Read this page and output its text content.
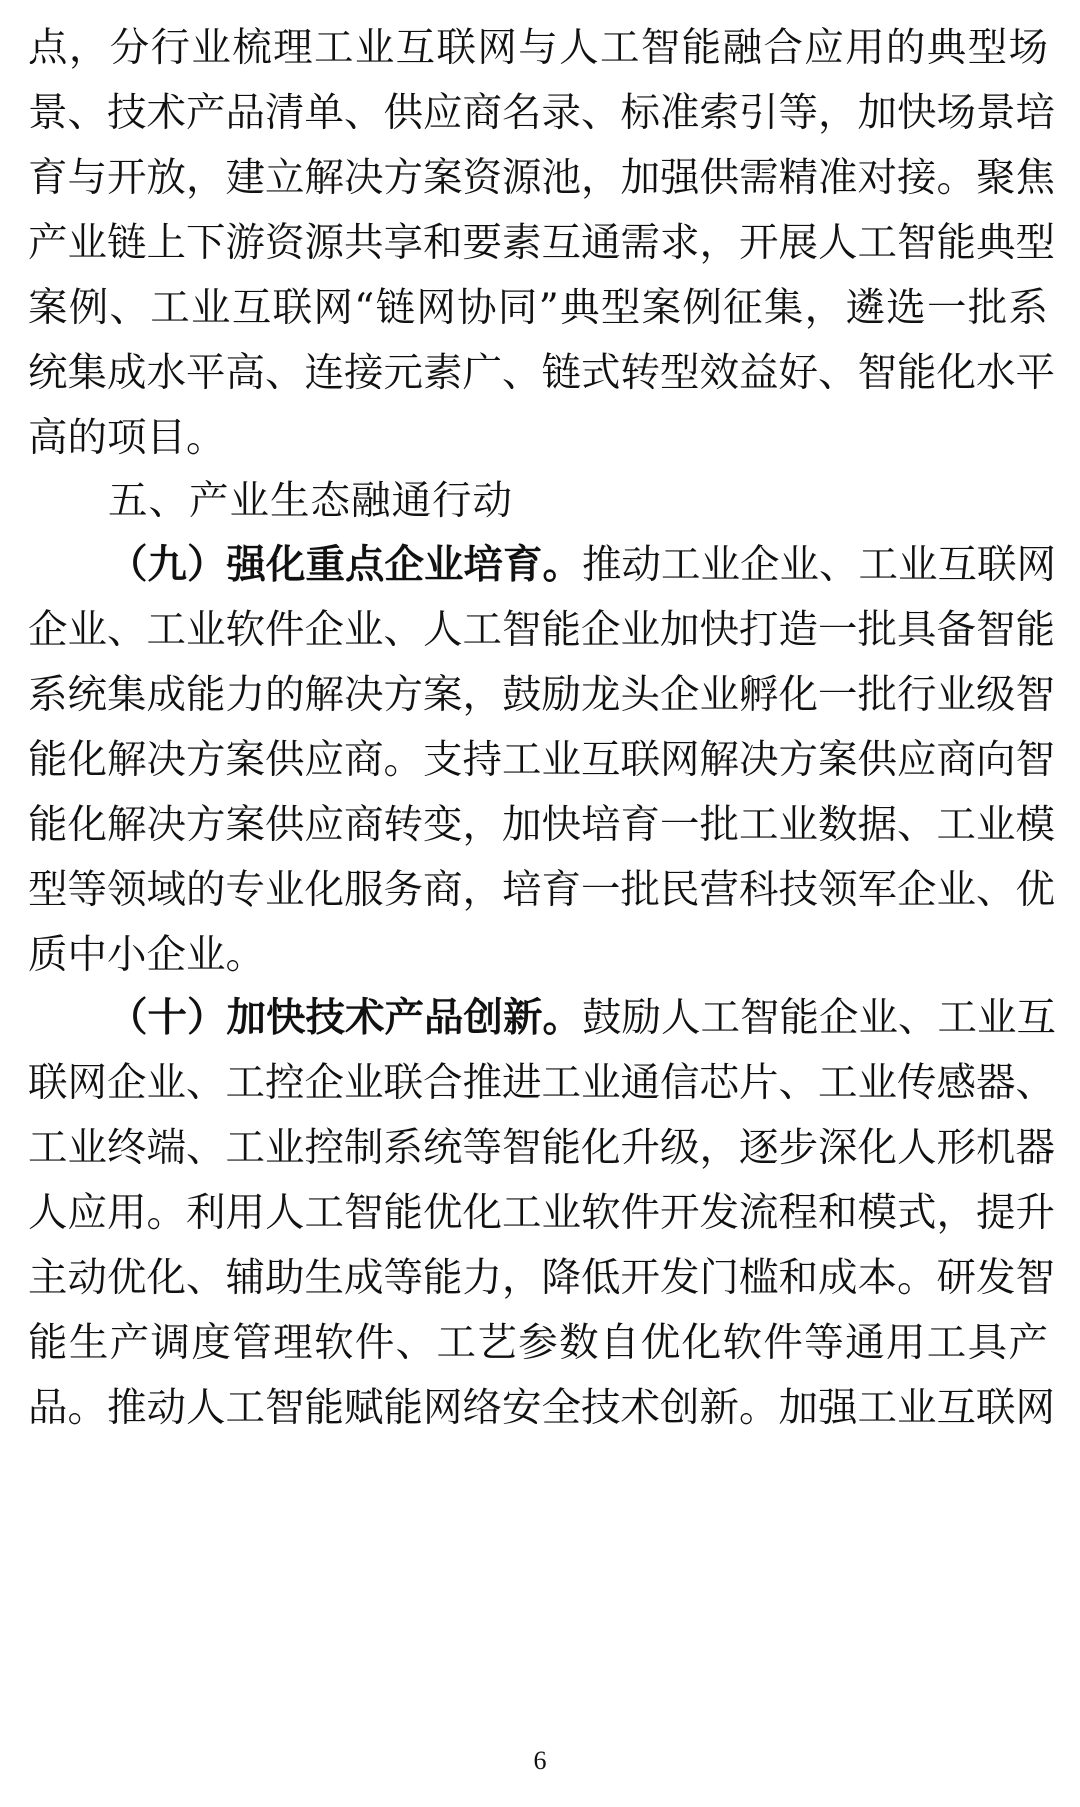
点，分行业梳理工业互联网与人工智能融合应用的典型场
景、技术产品清单、供应商名录、标准索引等，加快场景培
育与开放，建立解决方案资源池，加强供需精准对接。聚焦
产业链上下游资源共享和要素互通需求，开展人工智能典型
案例、工业互联网“链网协同”典型案例征集，遴选一批系
统集成水平高、连接元素广、链式转型效益好、智能化水平
高的项目。
五、产业生态融通行动
（九）强化重点企业培育。推动工业企业、工业互联网
企业、工业软件企业、人工智能企业加快打造一批具备智能
系统集成能力的解决方案，鼓励龙头企业孵化一批行业级智
能化解决方案供应商。支持工业互联网解决方案供应商向智
能化解决方案供应商转变，加快培育一批工业数据、工业模
型等领域的专业化服务商，培育一批民营科技领军企业、优
质中小企业。
（十）加快技术产品创新。鼓励人工智能企业、工业互
联网企业、工控企业联合推进工业通信芯片、工业传感器、
工业终端、工业控制系统等智能化升级，逐步深化人形机器
人应用。利用人工智能优化工业软件开发流程和模式，提升
主动优化、辅助生成等能力，降低开发门槛和成本。研发智
能生产调度管理软件、工艺参数自优化软件等通用工具产
品。推动人工智能赋能网络安全技术创新。加强工业互联网
6
